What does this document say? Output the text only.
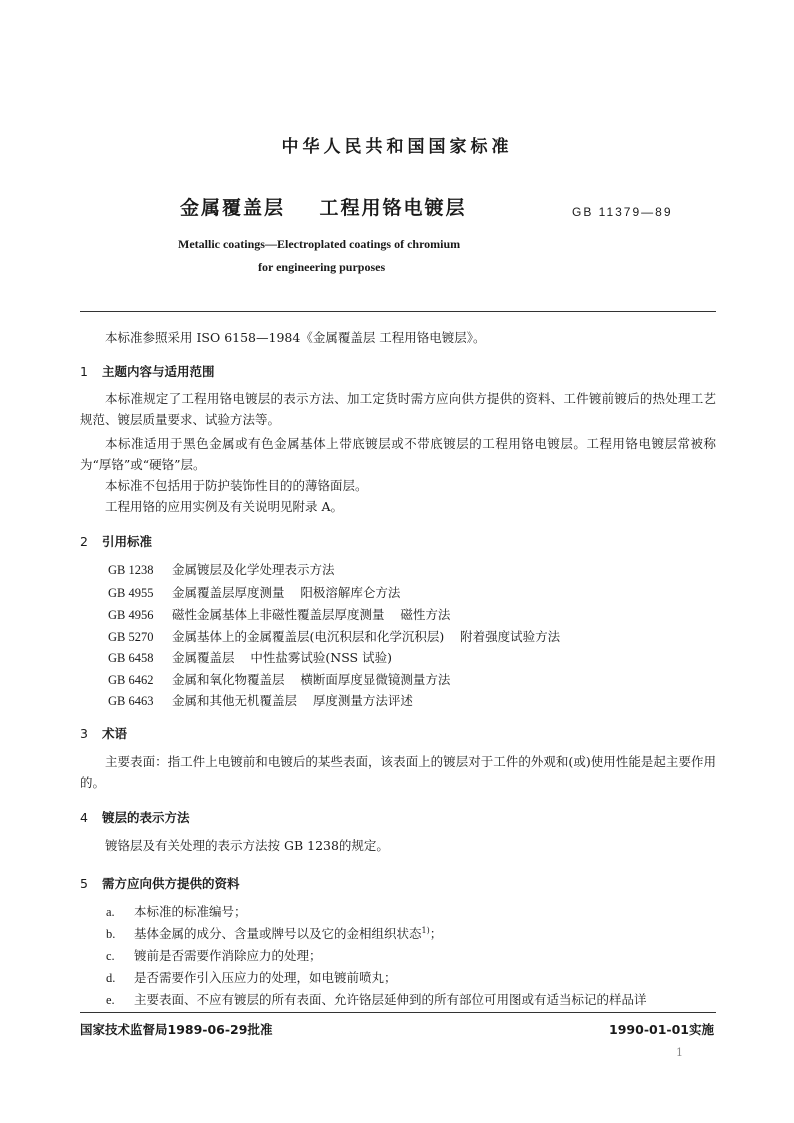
中华人民共和国国家标准
金属覆盖层    工程用铬电镀层	GB 11379—89
Metallic coatings—Electroplated coatings of chromium
for engineering purposes
本标准参照采用 ISO 6158—1984《金属覆盖层 工程用铬电镀层》。
1 主题内容与适用范围
本标准规定了工程用铬电镀层的表示方法、加工定货时需方应向供方提供的资料、工件镀前镀后的热处理工艺规范、镀层质量要求、试验方法等。
本标准适用于黑色金属或有色金属基体上带底镀层或不带底镀层的工程用铬电镀层。工程用铬电镀层常被称为“厚铬”或“硬铬”层。
本标准不包括用于防护装饰性目的的薄铬面层。
工程用铬的应用实例及有关说明见附录 A。
2 引用标准
GB 1238 金属镀层及化学处理表示方法
GB 4955 金属覆盖层厚度测量    阳极溶解库仑方法
GB 4956 磁性金属基体上非磁性覆盖层厚度测量    磁性方法
GB 5270 金属基体上的金属覆盖层(电沉积层和化学沉积层)    附着强度试验方法
GB 6458 金属覆盖层    中性盐雾试验(NSS 试验)
GB 6462 金属和氧化物覆盖层    横断面厚度显微镜测量方法
GB 6463 金属和其他无机覆盖层    厚度测量方法评述
3 术语
主要表面：指工件上电镀前和电镀后的某些表面，该表面上的镀层对于工件的外观和(或)使用性能是起主要作用的。
4 镀层的表示方法
镀铬层及有关处理的表示方法按 GB 1238的规定。
5 需方应向供方提供的资料
a. 本标准的标准编号；
b. 基体金属的成分、含量或牌号以及它的金相组织状态$^{1)}$；
c. 镀前是否需要作消除应力的处理；
d. 是否需要作引入压应力的处理，如电镀前喷丸；
e. 主要表面、不应有镀层的所有表面、允许铬层延伸到的所有部位可用图或有适当标记的样品详
国家技术监督局1989-06-29批准	1990-01-01实施
1
